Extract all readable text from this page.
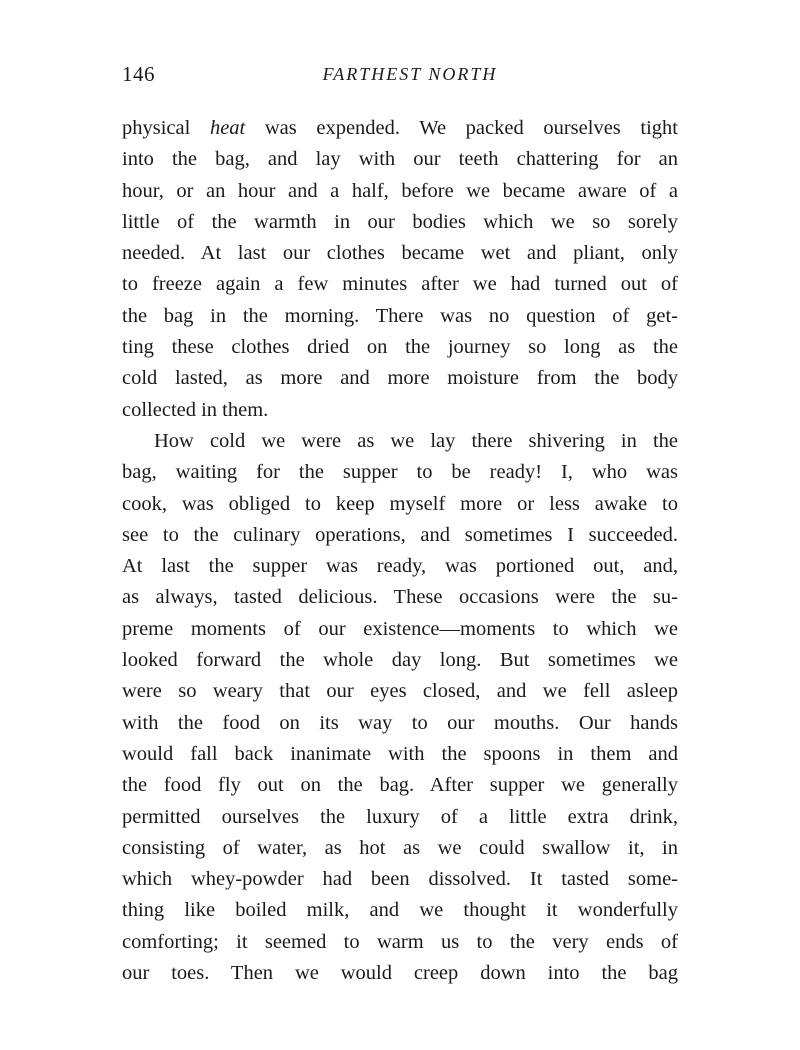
146	FARTHEST NORTH
physical heat was expended. We packed ourselves tight
into the bag, and lay with our teeth chattering for an
hour, or an hour and a half, before we became aware of a
little of the warmth in our bodies which we so sorely
needed. At last our clothes became wet and pliant, only
to freeze again a few minutes after we had turned out of
the bag in the morning. There was no question of get-
ting these clothes dried on the journey so long as the
cold lasted, as more and more moisture from the body
collected in them.
How cold we were as we lay there shivering in the
bag, waiting for the supper to be ready! I, who was
cook, was obliged to keep myself more or less awake to
see to the culinary operations, and sometimes I succeeded.
At last the supper was ready, was portioned out, and,
as always, tasted delicious. These occasions were the su-
preme moments of our existence—moments to which we
looked forward the whole day long. But sometimes we
were so weary that our eyes closed, and we fell asleep
with the food on its way to our mouths. Our hands
would fall back inanimate with the spoons in them and
the food fly out on the bag. After supper we generally
permitted ourselves the luxury of a little extra drink,
consisting of water, as hot as we could swallow it, in
which whey-powder had been dissolved. It tasted some-
thing like boiled milk, and we thought it wonderfully
comforting; it seemed to warm us to the very ends of
our toes. Then we would creep down into the bag
